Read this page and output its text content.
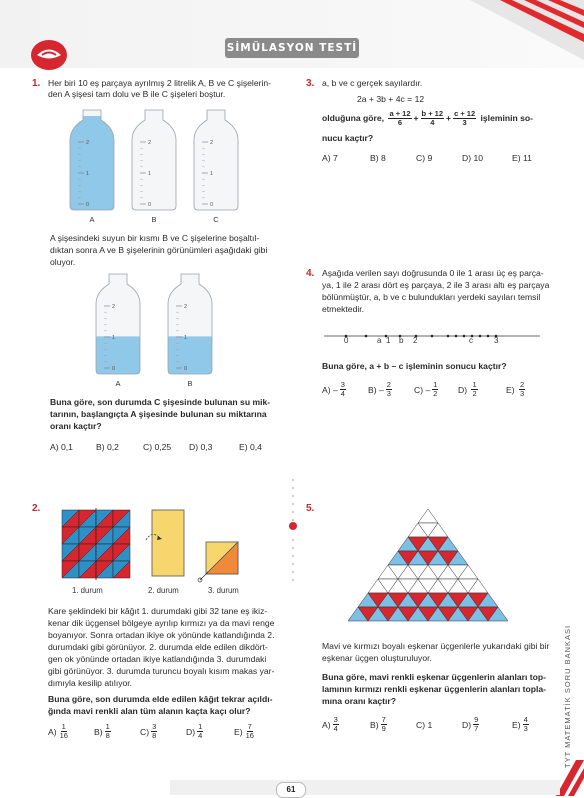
SİMÜLASYON TESTİ
1. Her biri 10 eş parçaya ayrılmış 2 litrelik A, B ve C şişelerin-
den A şişesi tam dolu ve B ile C şişeleri boştur.
2
1
0
A
2
1
0
B
2
1
0
C
A şişesindeki suyun bir kısmı B ve C şişelerine boşaltıl-
dıktan sonra A ve B şişelerinin görünümleri aşağıdaki gibi
oluyor.
2
1
0
A
2
1
0
B
Buna göre, son durumda C şişesinde bulunan su mik-
tarının, başlangıçta A şişesinde bulunan su miktarına
oranı kaçtır?
A)
0,1	B)
0,2	C)
0,25 D)
0,3	E)
0,4
3. a, b ve c gerçek sayılardır.
2a + 3b + 4c = 12
olduğuna göre,
$\frac{a + 12}{6} + \frac{b + 12}{4} + \frac{c + 12}{3}$
işleminin so-
nucu kaçtır?
A)
7	B)
8	C)
9	D)
10	E)
11
4. Aşağıda verilen sayı doğrusunda 0 ile 1 arası üç eş parça-
ya, 1 ile 2 arası dört eş parçaya, 2 ile 3 arası altı eş parçaya
bölünmüştür, a, b ve c bulundukları yerdeki sayıları temsil
etmektedir.
0	a 1 b 2	c	3
Buna göre, a + b – c işleminin sonucu kaçtır?
A)
– $\frac{3}{4}$	B)
– $\frac{2}{3}$	C)
– $\frac{1}{2} D$)
$\frac{1}{2}$	E)
$\frac{2}{3}$
2.
1. durum	2. durum	3. durum
Kare şeklindeki bir kâğıt 1. durumdaki gibi 32 tane eş ikiz-
kenar dik üçgensel bölgeye ayrılıp kırmızı ya da mavi renge
boyanıyor. Sonra ortadan ikiye ok yönünde katlandığında 2.
durumdaki gibi görünüyor. 2. durumda elde edilen dikdört-
gen ok yönünde ortadan ikiye katlandığında 3. durumdaki
gibi görünüyor. 3. durumda turuncu boyalı kısım makas yar-
dımıyla kesilip atılıyor.
Buna göre, son durumda elde edilen kâğıt tekrar açıldı-
ğında mavi renkli alan tüm alanın kaçta kaçı olur?
$A) \frac{1}{16}$	$B) \frac{1}{8}$	$C) \frac{3}{8}$	$D) \frac{1}{4}$	$E) \frac{7}{16}$
5.
Mavi ve kırmızı boyalı eşkenar üçgenlerle yukarıdaki gibi bir
eşkenar üçgen oluşturuluyor.
Buna göre, mavi renkli eşkenar üçgenlerin alanları top-
lamının kırmızı renkli eşkenar üçgenlerin alanları topla-
mına oranı kaçtır?
$A) \frac{3}{4}$	$B) \frac{7}{9}$	C)
1	$D) \frac{9}{7}$	$E) \frac{4}{3}$	TYT MATEMATİK SORU BANKASI
61
